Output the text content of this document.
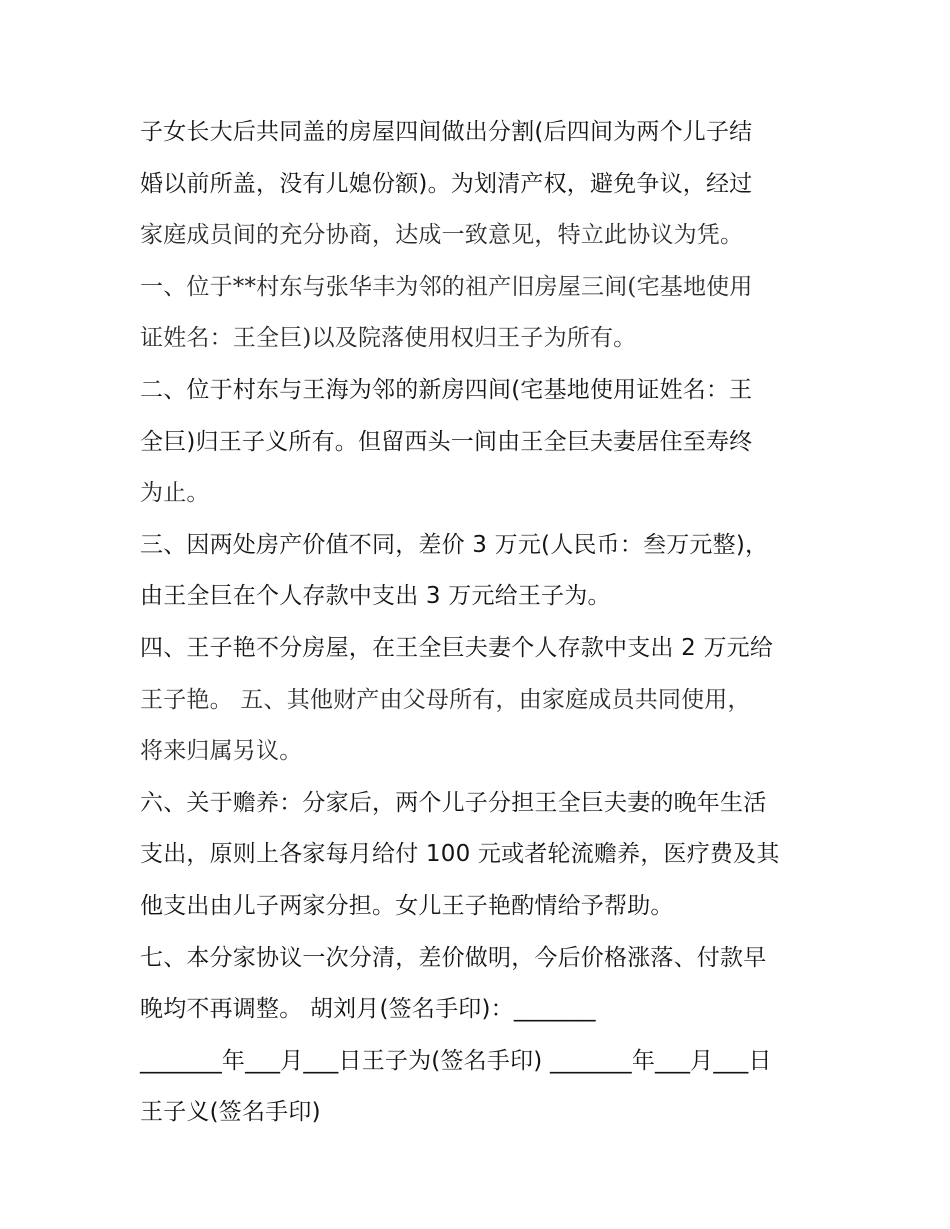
子女长大后共同盖的房屋四间做出分割(后四间为两个儿子结
婚以前所盖，没有儿媳份额)。为划清产权，避免争议，经过
家庭成员间的充分协商，达成一致意见，特立此协议为凭。
一、位于**村东与张华丰为邻的祖产旧房屋三间(宅基地使用
证姓名：王全巨)以及院落使用权归王子为所有。
二、位于村东与王海为邻的新房四间(宅基地使用证姓名：王
全巨)归王子义所有。但留西头一间由王全巨夫妻居住至寿终
为止。
三、因两处房产价值不同，差价 3 万元(人民币：叁万元整)，
由王全巨在个人存款中支出 3 万元给王子为。
四、王子艳不分房屋，在王全巨夫妻个人存款中支出 2 万元给
王子艳。 五、其他财产由父母所有，由家庭成员共同使用，
将来归属另议。
六、关于赡养：分家后，两个儿子分担王全巨夫妻的晚年生活
支出，原则上各家每月给付 100 元或者轮流赡养，医疗费及其
他支出由儿子两家分担。女儿王子艳酌情给予帮助。
七、本分家协议一次分清，差价做明，今后价格涨落、付款早
晚均不再调整。 胡刘月(签名手印)：_______
_______年___月___日王子为(签名手印) _______年___月___日
王子义(签名手印)
